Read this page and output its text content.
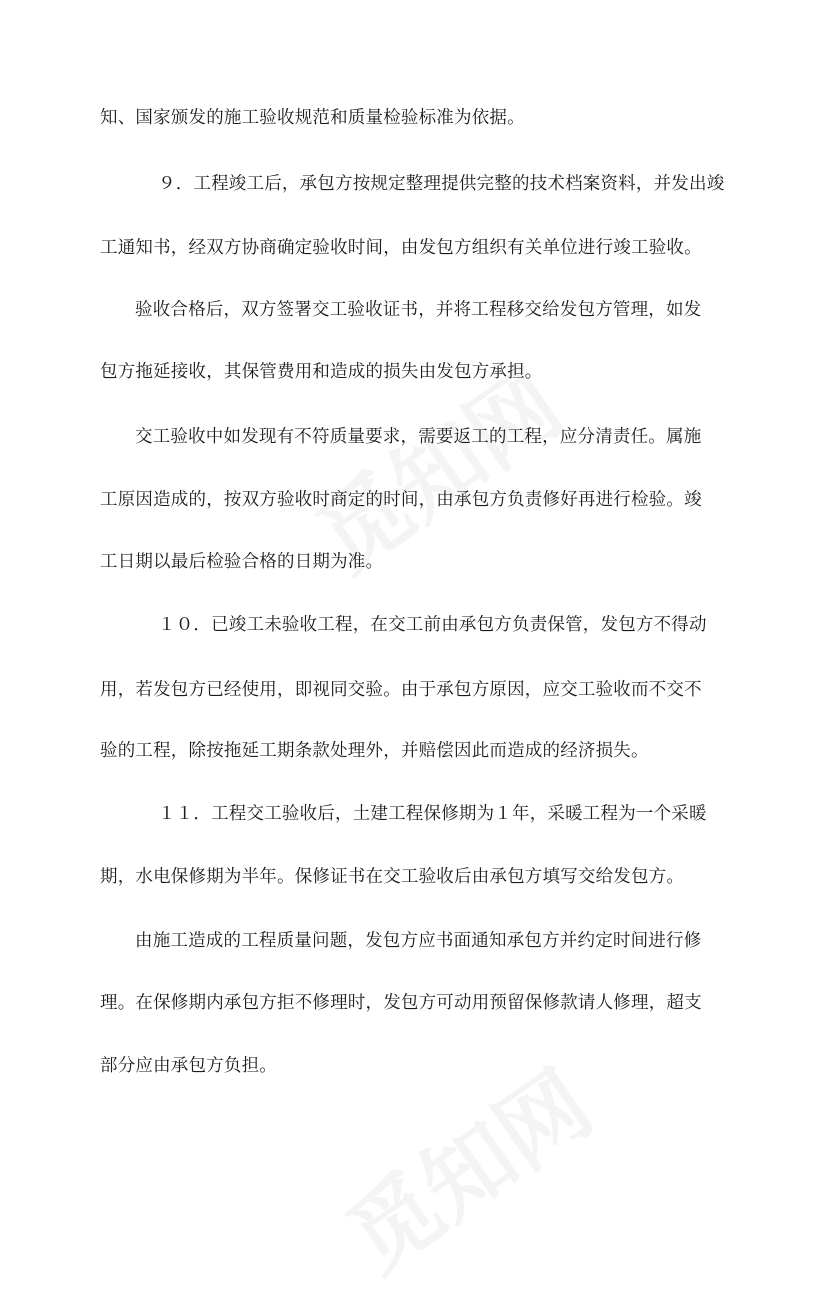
知、国家颁发的施工验收规范和质量检验标准为依据。
９．工程竣工后，承包方按规定整理提供完整的技术档案资料，并发出竣
工通知书，经双方协商确定验收时间，由发包方组织有关单位进行竣工验收。
验收合格后，双方签署交工验收证书，并将工程移交给发包方管理，如发
包方拖延接收，其保管费用和造成的损失由发包方承担。
交工验收中如发现有不符质量要求，需要返工的工程，应分清责任。属施
工原因造成的，按双方验收时商定的时间，由承包方负责修好再进行检验。竣
工日期以最后检验合格的日期为准。
１０．已竣工未验收工程，在交工前由承包方负责保管，发包方不得动
用，若发包方已经使用，即视同交验。由于承包方原因，应交工验收而不交不
验的工程，除按拖延工期条款处理外，并赔偿因此而造成的经济损失。
１１．工程交工验收后，土建工程保修期为１年，采暖工程为一个采暖
期，水电保修期为半年。保修证书在交工验收后由承包方填写交给发包方。
由施工造成的工程质量问题，发包方应书面通知承包方并约定时间进行修
理。在保修期内承包方拒不修理时，发包方可动用预留保修款请人修理，超支
部分应由承包方负担。
